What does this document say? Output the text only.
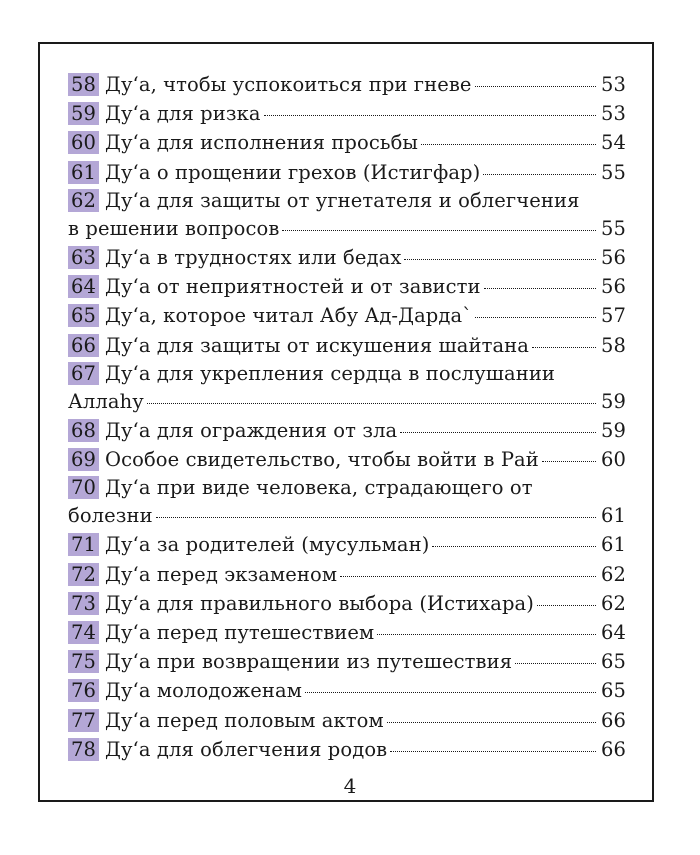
58 Ду‘а, чтобы успокоиться при гневе	53
59 Ду‘а для ризка	53
60 Ду‘а для исполнения просьбы	54
61 Ду‘а о прощении грехов (Истигфар)	55
62 Ду‘а для защиты от угнетателя и облегчения
в решении вопросов	55
63 Ду‘а в трудностях или бедах	56
64 Ду‘а от неприятностей и от зависти	56
65 Ду‘а, которое читал Абу Ад-Дарда`	57
66 Ду‘а для защиты от искушения шайтана	58
67 Ду‘а для укрепления сердца в послушании
Аллаhу	59
68 Ду‘а для ограждения от зла	59
69 Особое свидетельство, чтобы войти в Рай	60
70 Ду‘а при виде человека, страдающего от
болезни	61
71 Ду‘а за родителей (мусульман)	61
72 Ду‘а перед экзаменом	62
73 Ду‘а для правильного выбора (Истихара)	62
74 Ду‘а перед путешествием	64
75 Ду‘а при возвращении из путешествия	65
76 Ду‘а молодоженам	65
77 Ду‘а перед половым актом	66
78 Ду‘а для облегчения родов	66
4
